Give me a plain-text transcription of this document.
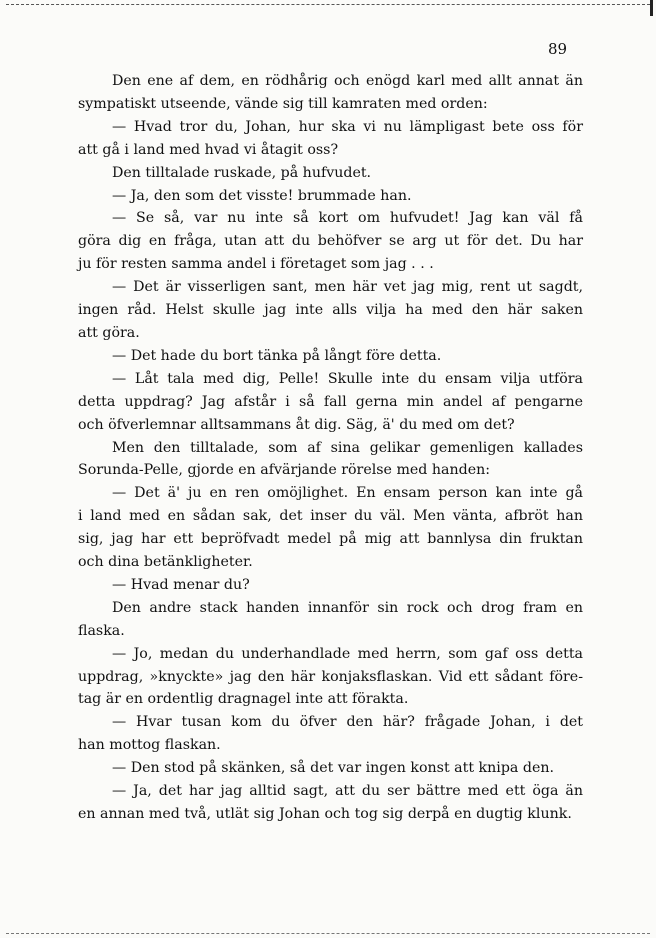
89
Den ene af dem, en rödhårig och enögd karl med allt annat än
sympatiskt utseende, vände sig till kamraten med orden:
— Hvad tror du, Johan, hur ska vi nu lämpligast bete oss för
att gå i land med hvad vi åtagit oss?
Den tilltalade ruskade, på hufvudet.
— Ja, den som det visste! brummade han.
— Se så, var nu inte så kort om hufvudet! Jag kan väl få
göra dig en fråga, utan att du behöfver se arg ut för det. Du har
ju för resten samma andel i företaget som jag . . .
— Det är visserligen sant, men här vet jag mig, rent ut sagdt,
ingen råd. Helst skulle jag inte alls vilja ha med den här saken
att göra.
— Det hade du bort tänka på långt före detta.
— Låt tala med dig, Pelle! Skulle inte du ensam vilja utföra
detta uppdrag? Jag afstår i så fall gerna min andel af pengarne
och öfverlemnar alltsammans åt dig. Säg, ä' du med om det?
Men den tilltalade, som af sina gelikar gemenligen kallades
Sorunda-Pelle, gjorde en afvärjande rörelse med handen:
— Det ä' ju en ren omöjlighet. En ensam person kan inte gå
i land med en sådan sak, det inser du väl. Men vänta, afbröt han
sig, jag har ett bepröfvadt medel på mig att bannlysa din fruktan
och dina betänkligheter.
— Hvad menar du?
Den andre stack handen innanför sin rock och drog fram en
flaska.
— Jo, medan du underhandlade med herrn, som gaf oss detta
uppdrag, »knyckte» jag den här konjaksflaskan. Vid ett sådant före-
tag är en ordentlig dragnagel inte att förakta.
— Hvar tusan kom du öfver den här? frågade Johan, i det
han mottog flaskan.
— Den stod på skänken, så det var ingen konst att knipa den.
— Ja, det har jag alltid sagt, att du ser bättre med ett öga än
en annan med två, utlät sig Johan och tog sig derpå en dugtig klunk.
